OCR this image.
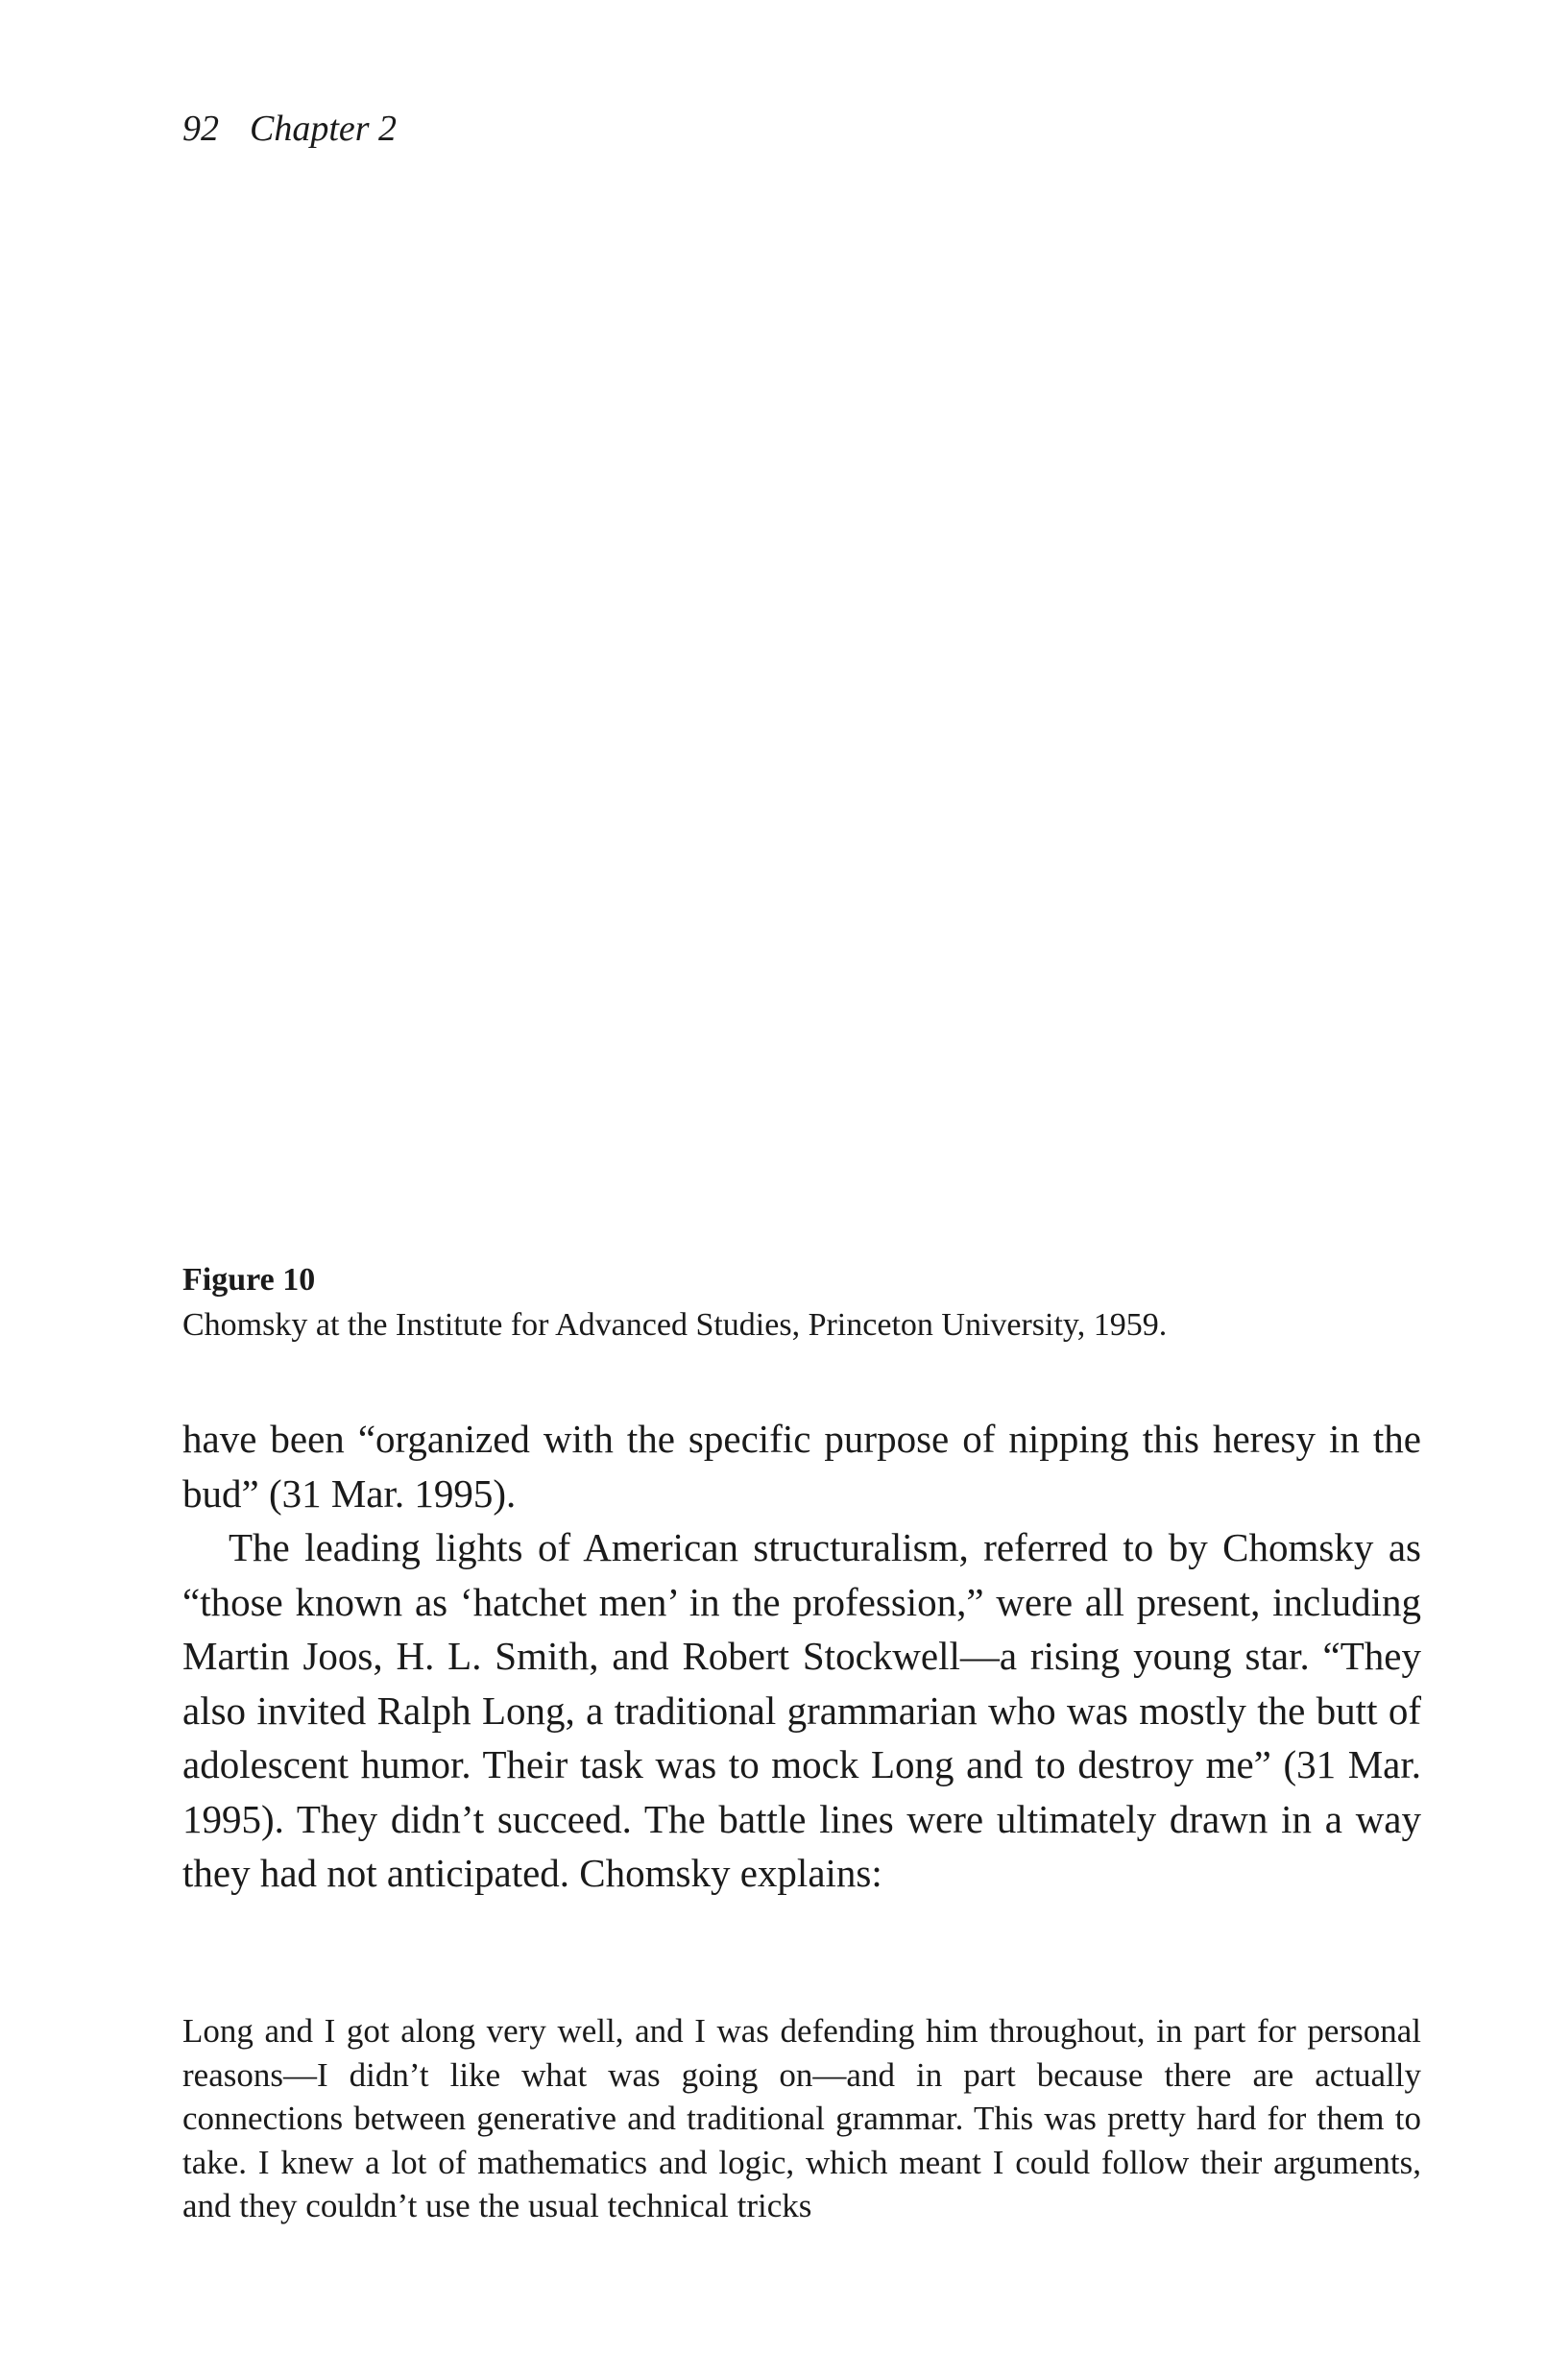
92 Chapter 2
Figure 10
Chomsky at the Institute for Advanced Studies, Princeton University, 1959.

have been “organized with the specific purpose of nipping this heresy in the bud” (31 Mar. 1995).

The leading lights of American structuralism, referred to by Chomsky as “those known as ‘hatchet men’ in the profession,” were all present, including Martin Joos, H. L. Smith, and Robert Stockwell—a rising young star. “They also invited Ralph Long, a traditional grammarian who was mostly the butt of adolescent humor. Their task was to mock Long and to destroy me” (31 Mar. 1995). They didn’t succeed. The battle lines were ultimately drawn in a way they had not anticipated. Chomsky explains:

Long and I got along very well, and I was defending him throughout, in part for personal reasons—I didn’t like what was going on—and in part because there are actually connections between generative and traditional grammar. This was pretty hard for them to take. I knew a lot of mathematics and logic, which meant I could follow their arguments, and they couldn’t use the usual technical tricks
